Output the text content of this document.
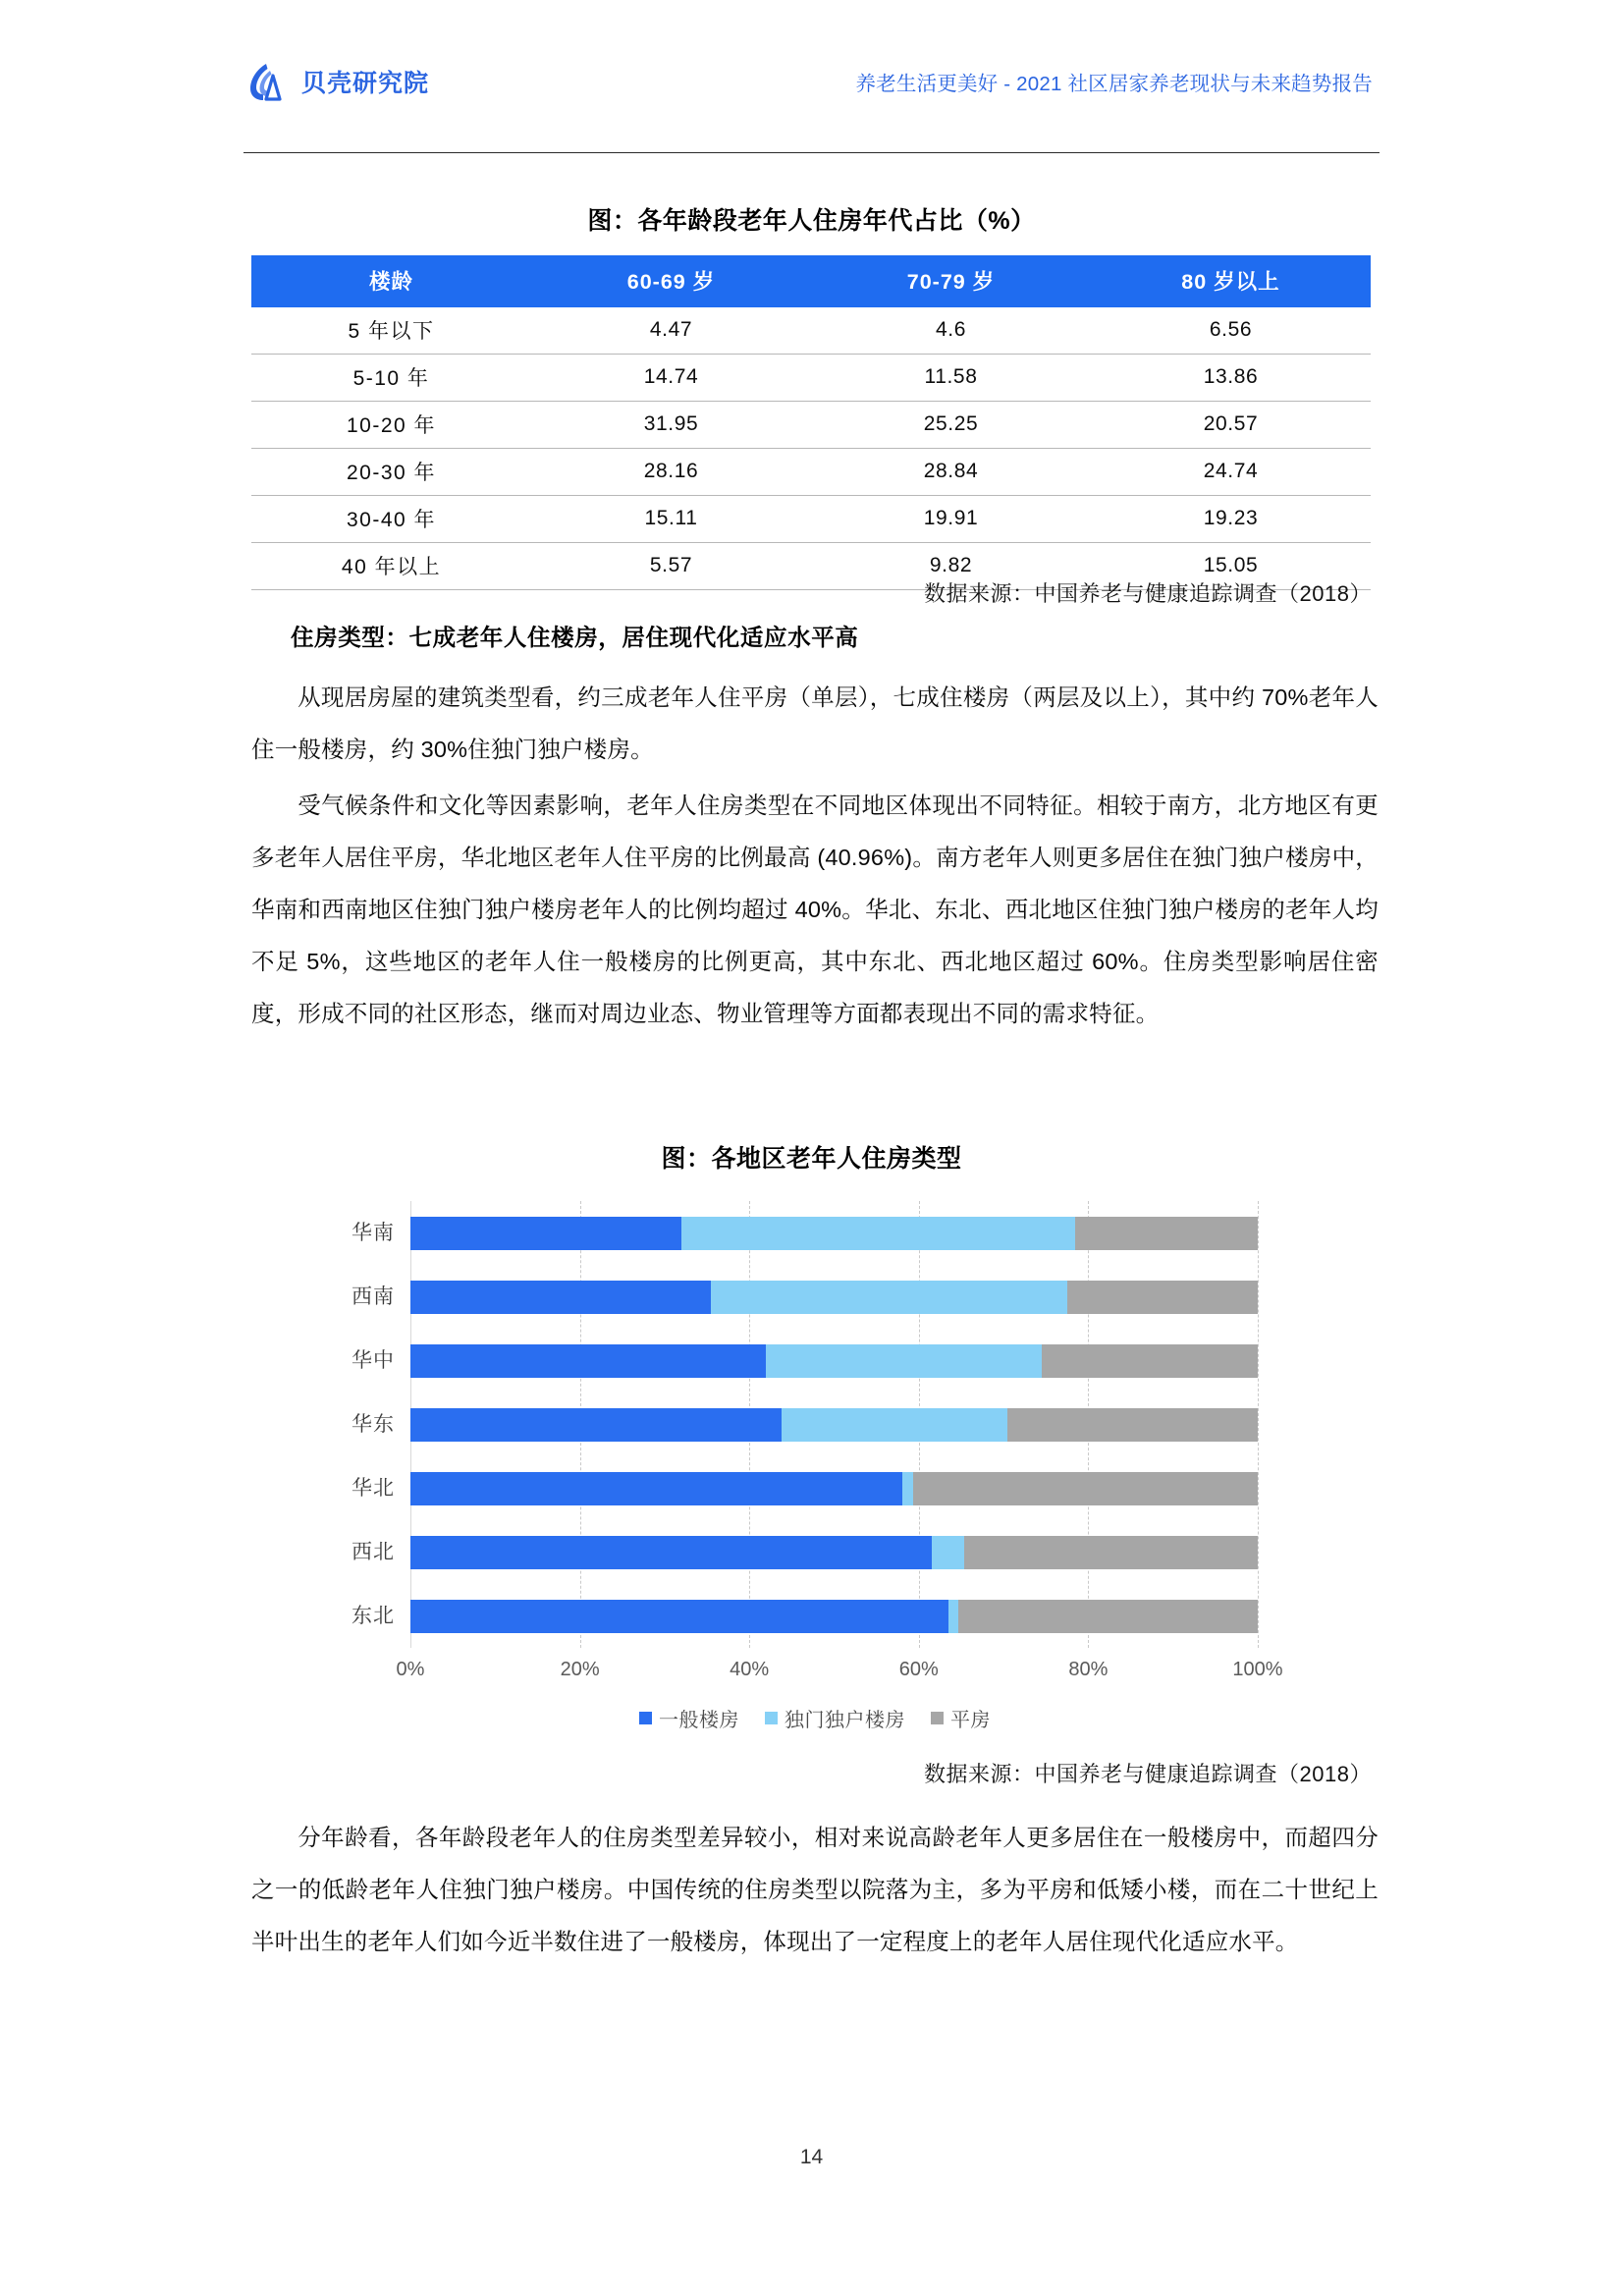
贝壳研究院	养老生活更美好 - 2021 社区居家养老现状与未来趋势报告
图：各年龄段老年人住房年代占比（%）
楼龄	60-69 岁	70-79 岁	80 岁以上
5 年以下	4.47	4.6	6.56
5-10 年	14.74	11.58	13.86
10-20 年	31.95	25.25	20.57
20-30 年	28.16	28.84	24.74
30-40 年	15.11	19.91	19.23
40 年以上	5.57	9.82	15.05
数据来源：中国养老与健康追踪调查（2018）
住房类型：七成老年人住楼房，居住现代化适应水平高
从现居房屋的建筑类型看，约三成老年人住平房（单层），七成住楼房（两层及以上），其中约 70%老年人住一般楼房，约 30%住独门独户楼房。
受气候条件和文化等因素影响，老年人住房类型在不同地区体现出不同特征。相较于南方，北方地区有更多老年人居住平房，华北地区老年人住平房的比例最高 (40.96%)。南方老年人则更多居住在独门独户楼房中，华南和西南地区住独门独户楼房老年人的比例均超过 40%。华北、东北、西北地区住独门独户楼房的老年人均不足 5%，这些地区的老年人住一般楼房的比例更高，其中东北、西北地区超过 60%。住房类型影响居住密度，形成不同的社区形态，继而对周边业态、物业管理等方面都表现出不同的需求特征。
图：各地区老年人住房类型
华南
西南
华中
华东
华北
西北
东北
一般楼房 独门独户楼房 平房
0%	20%	40%	60%	80%	100%
数据来源：中国养老与健康追踪调查（2018）
分年龄看，各年龄段老年人的住房类型差异较小，相对来说高龄老年人更多居住在一般楼房中，而超四分之一的低龄老年人住独门独户楼房。中国传统的住房类型以院落为主，多为平房和低矮小楼，而在二十世纪上半叶出生的老年人们如今近半数住进了一般楼房，体现出了一定程度上的老年人居住现代化适应水平。
14
